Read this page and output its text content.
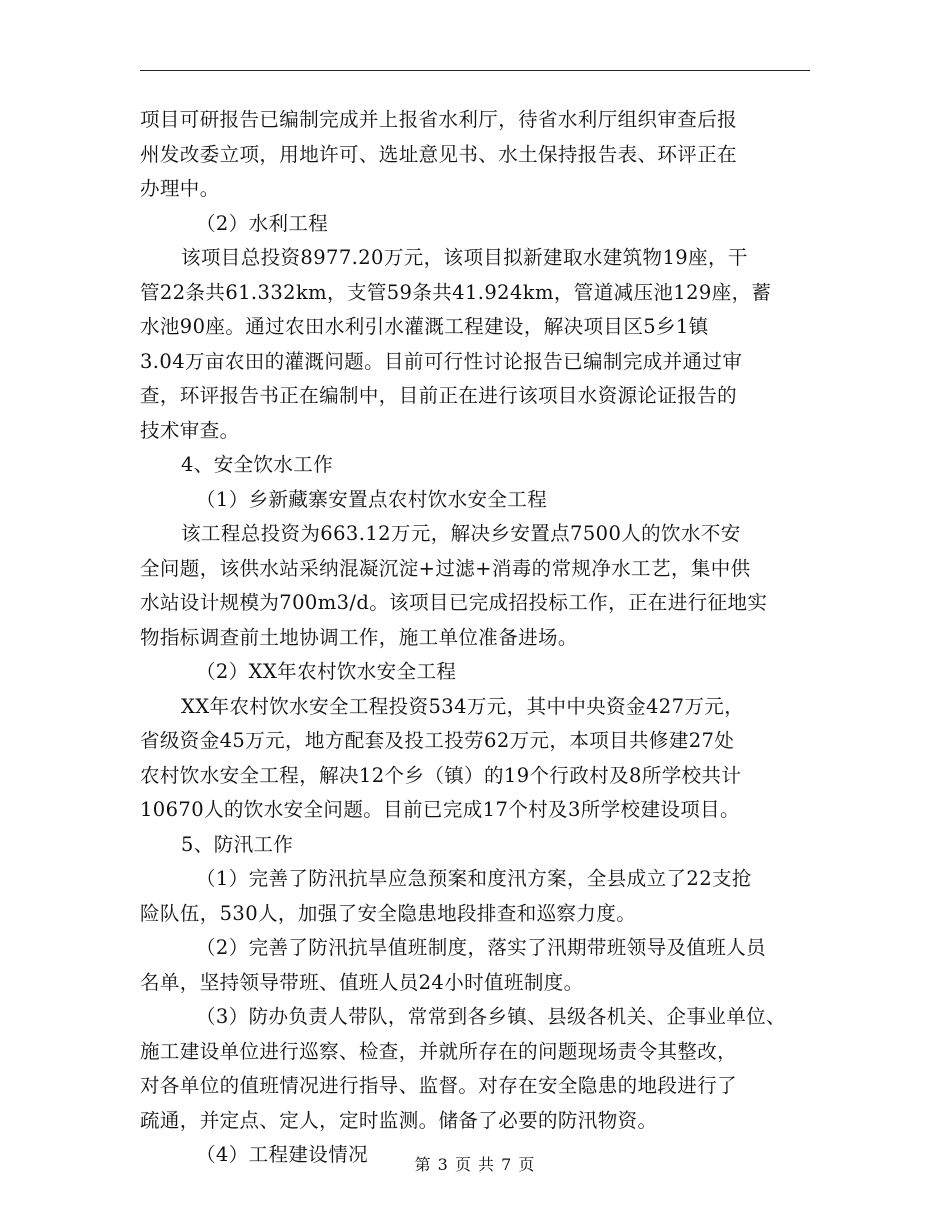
项目可研报告已编制完成并上报省水利厅，待省水利厅组织审查后报
州发改委立项，用地许可、选址意见书、水土保持报告表、环评正在
办理中。
（2）水利工程
该项目总投资8977.20万元，该项目拟新建取水建筑物19座，干
管22条共61.332km，支管59条共41.924km，管道减压池129座，蓄
水池90座。通过农田水利引水灌溉工程建设，解决项目区5乡1镇
3.04万亩农田的灌溉问题。目前可行性讨论报告已编制完成并通过审
查，环评报告书正在编制中，目前正在进行该项目水资源论证报告的
技术审查。
4、安全饮水工作
（1）乡新藏寨安置点农村饮水安全工程
该工程总投资为663.12万元，解决乡安置点7500人的饮水不安
全问题，该供水站采纳混凝沉淀+过滤+消毒的常规净水工艺，集中供
水站设计规模为700m3/d。该项目已完成招投标工作，正在进行征地实
物指标调查前土地协调工作，施工单位准备进场。
（2）XX年农村饮水安全工程
XX年农村饮水安全工程投资534万元，其中中央资金427万元，
省级资金45万元，地方配套及投工投劳62万元，本项目共修建27处
农村饮水安全工程，解决12个乡（镇）的19个行政村及8所学校共计
10670人的饮水安全问题。目前已完成17个村及3所学校建设项目。
5、防汛工作
（1）完善了防汛抗旱应急预案和度汛方案，全县成立了22支抢
险队伍，530人，加强了安全隐患地段排查和巡察力度。
（2）完善了防汛抗旱值班制度，落实了汛期带班领导及值班人员
名单，坚持领导带班、值班人员24小时值班制度。
（3）防办负责人带队，常常到各乡镇、县级各机关、企事业单位、
施工建设单位进行巡察、检查，并就所存在的问题现场责令其整改，
对各单位的值班情况进行指导、监督。对存在安全隐患的地段进行了
疏通，并定点、定人，定时监测。储备了必要的防汛物资。
（4）工程建设情况	第 3 页 共 7 页
